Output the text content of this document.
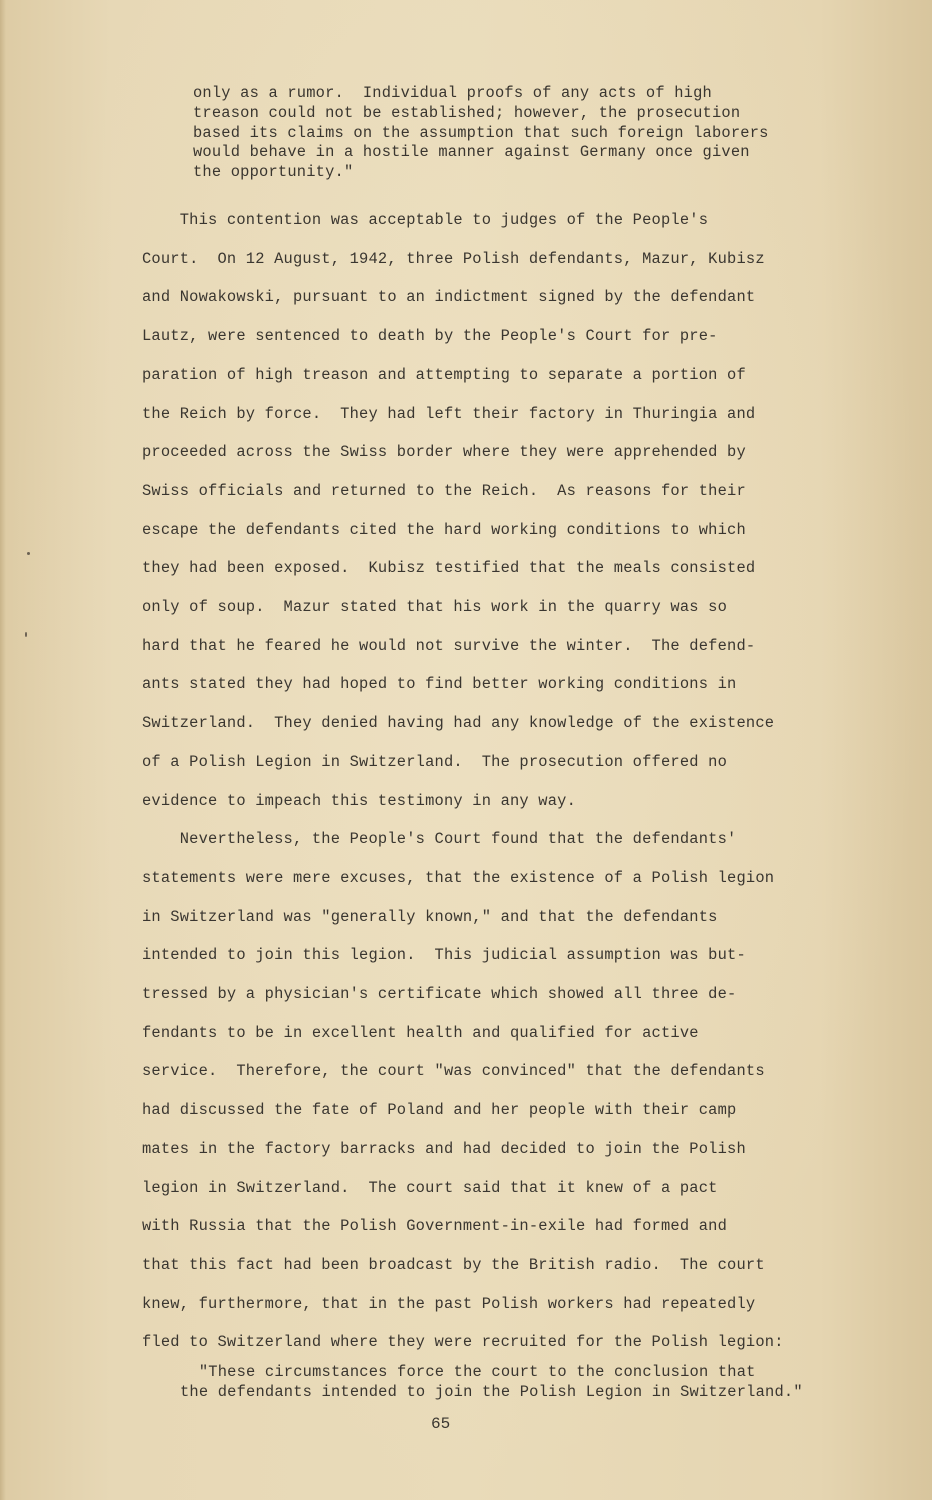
only as a rumor.  Individual proofs of any acts of high
treason could not be established; however, the prosecution
based its claims on the assumption that such foreign laborers
would behave in a hostile manner against Germany once given
the opportunity."
This contention was acceptable to judges of the People's
Court.  On 12 August, 1942, three Polish defendants, Mazur, Kubisz
and Nowakowski, pursuant to an indictment signed by the defendant
Lautz, were sentenced to death by the People's Court for pre-
paration of high treason and attempting to separate a portion of
the Reich by force.  They had left their factory in Thuringia and
proceeded across the Swiss border where they were apprehended by
Swiss officials and returned to the Reich.  As reasons for their
escape the defendants cited the hard working conditions to which
they had been exposed.  Kubisz testified that the meals consisted
only of soup.  Mazur stated that his work in the quarry was so
hard that he feared he would not survive the winter.  The defend-
ants stated they had hoped to find better working conditions in
Switzerland.  They denied having had any knowledge of the existence
of a Polish Legion in Switzerland.  The prosecution offered no
evidence to impeach this testimony in any way.
Nevertheless, the People's Court found that the defendants'
statements were mere excuses, that the existence of a Polish legion
in Switzerland was "generally known," and that the defendants
intended to join this legion.  This judicial assumption was but-
tressed by a physician's certificate which showed all three de-
fendants to be in excellent health and qualified for active
service.  Therefore, the court "was convinced" that the defendants
had discussed the fate of Poland and her people with their camp
mates in the factory barracks and had decided to join the Polish
legion in Switzerland.  The court said that it knew of a pact
with Russia that the Polish Government-in-exile had formed and
that this fact had been broadcast by the British radio.  The court
knew, furthermore, that in the past Polish workers had repeatedly
fled to Switzerland where they were recruited for the Polish legion:
"These circumstances force the court to the conclusion that
the defendants intended to join the Polish Legion in Switzerland."
65
